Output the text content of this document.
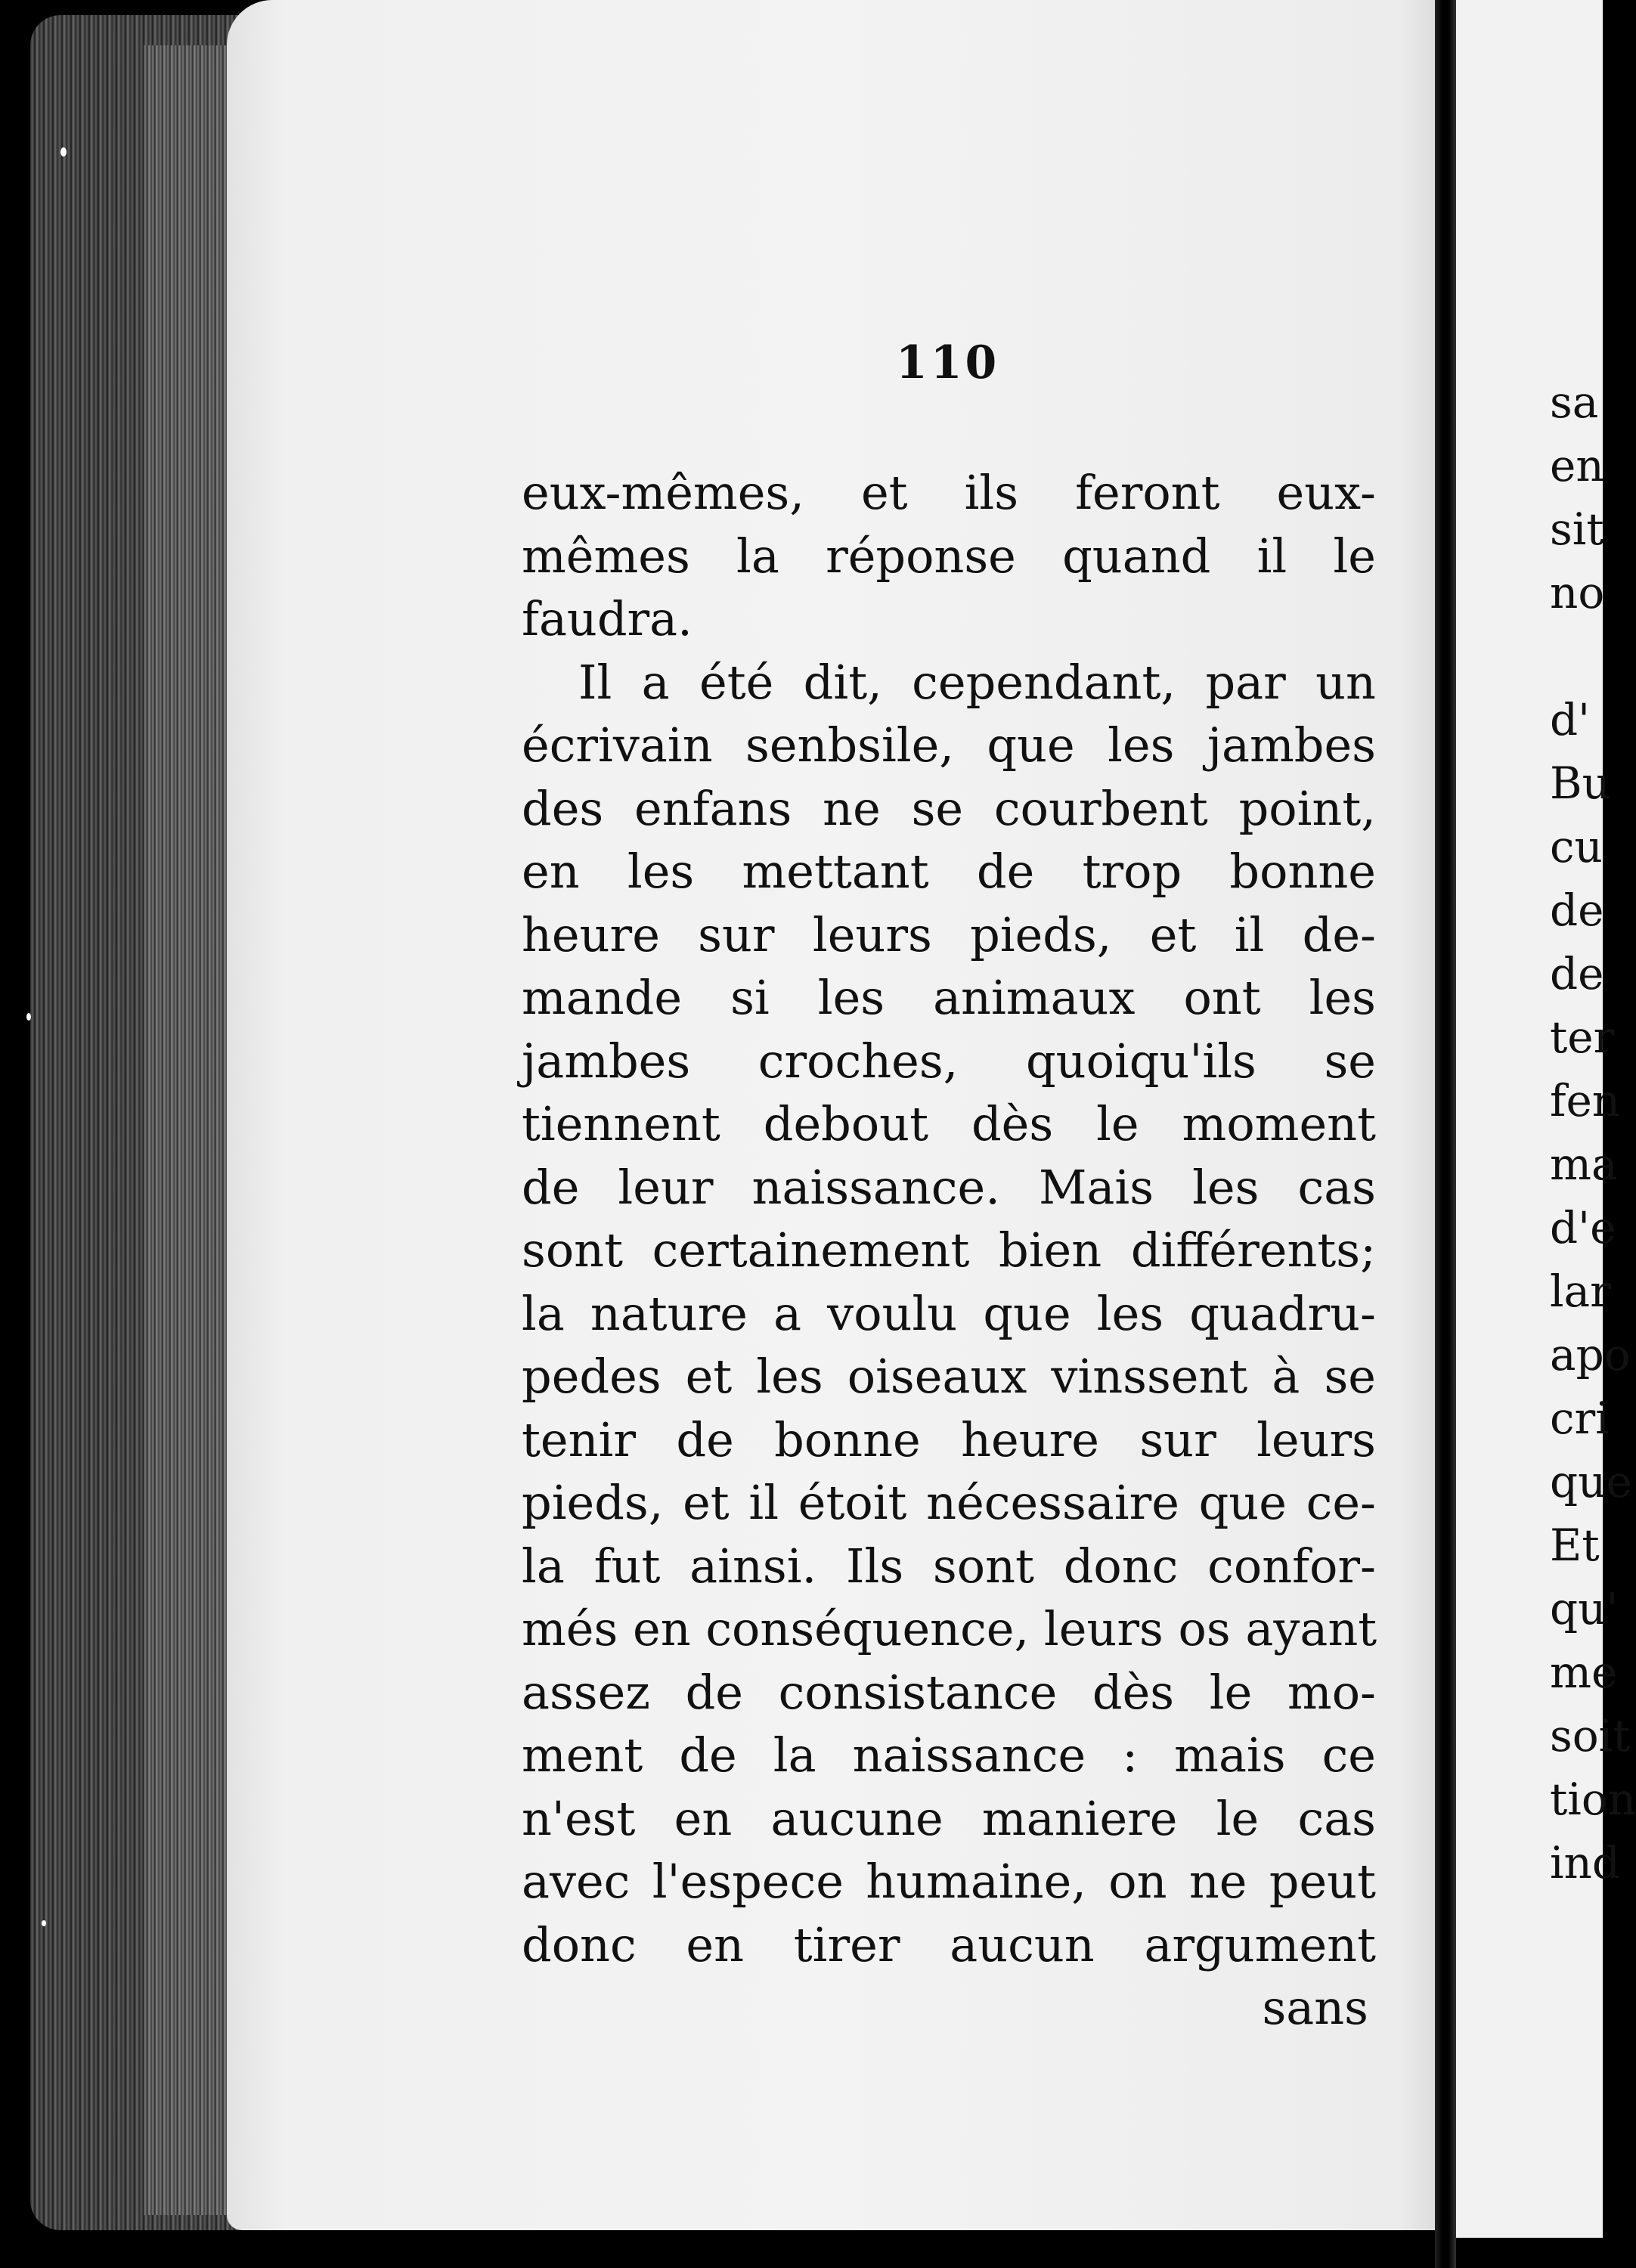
110
eux-mêmes, et ils feront eux-
mêmes la réponse quand il le
faudra.
Il a été dit, cependant, par un
écrivain senbsile, que les jambes
des enfans ne se courbent point,
en les mettant de trop bonne
heure sur leurs pieds, et il de-
mande si les animaux ont les
jambes croches, quoiqu'ils se
tiennent debout dès le moment
de leur naissance. Mais les cas
sont certainement bien différents;
la nature a voulu que les quadru-
pedes et les oiseaux vinssent à se
tenir de bonne heure sur leurs
pieds, et il étoit nécessaire que ce-
la fut ainsi. Ils sont donc confor-
més en conséquence, leurs os ayant
assez de consistance dès le mo-
ment de la naissance : mais ce
n'est en aucune maniere le cas
avec l'espece humaine, on ne peut
donc en tirer aucun argument
sans
sa
en
sit
no
d'
Bu
cu
de
de
ter
fen
ma
d'e
lar
apo
cri
que
Et
qu'
me
soit
tion
ind
